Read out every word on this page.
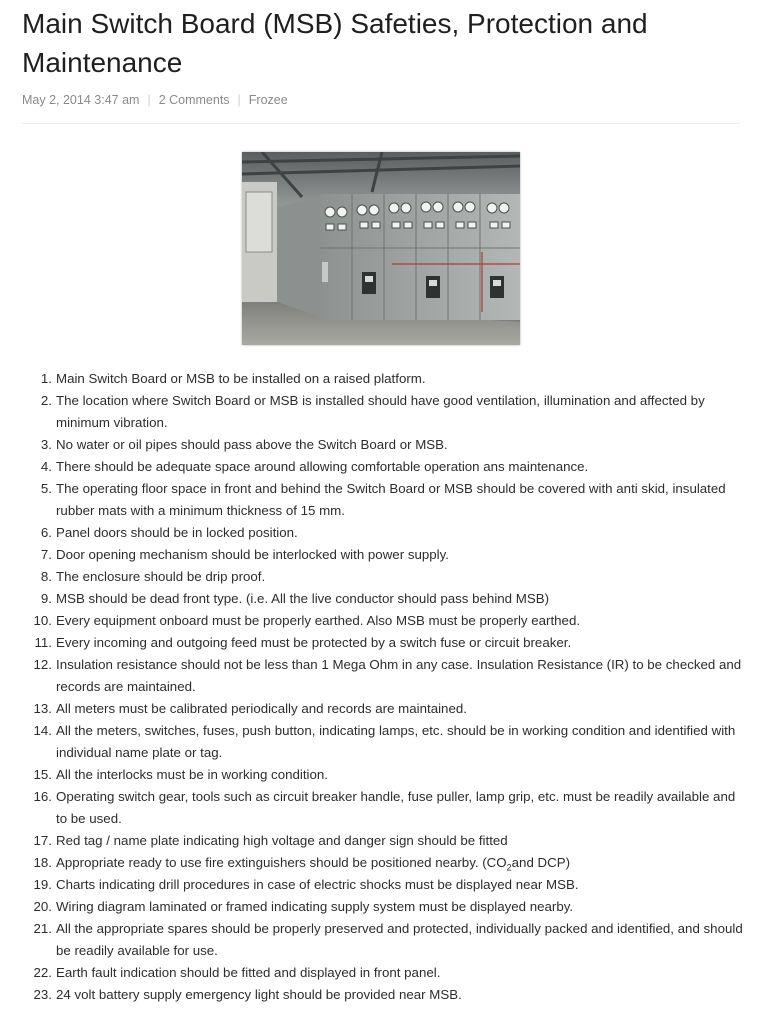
Main Switch Board (MSB) Safeties, Protection and Maintenance
May 2, 2014 3:47 am | 2 Comments | Frozee
1. Main Switch Board or MSB to be installed on a raised platform.
2. The location where Switch Board or MSB is installed should have good ventilation, illumination and affected by minimum vibration.
3. No water or oil pipes should pass above the Switch Board or MSB.
4. There should be adequate space around allowing comfortable operation ans maintenance.
5. The operating floor space in front and behind the Switch Board or MSB should be covered with anti skid, insulated rubber mats with a minimum thickness of 15 mm.
6. Panel doors should be in locked position.
7. Door opening mechanism should be interlocked with power supply.
8. The enclosure should be drip proof.
9. MSB should be dead front type. (i.e. All the live conductor should pass behind MSB)
10. Every equipment onboard must be properly earthed. Also MSB must be properly earthed.
11. Every incoming and outgoing feed must be protected by a switch fuse or circuit breaker.
12. Insulation resistance should not be less than 1 Mega Ohm in any case. Insulation Resistance (IR) to be checked and records are maintained.
13. All meters must be calibrated periodically and records are maintained.
14. All the meters, switches, fuses, push button, indicating lamps, etc. should be in working condition and identified with individual name plate or tag.
15. All the interlocks must be in working condition.
16. Operating switch gear, tools such as circuit breaker handle, fuse puller, lamp grip, etc. must be readily available and to be used.
17. Red tag / name plate indicating high voltage and danger sign should be fitted
18. Appropriate ready to use fire extinguishers should be positioned nearby. ($CO_2and$ DCP)
19. Charts indicating drill procedures in case of electric shocks must be displayed near MSB.
20. Wiring diagram laminated or framed indicating supply system must be displayed nearby.
21. All the appropriate spares should be properly preserved and protected, individually packed and identified, and should be readily available for use.
22. Earth fault indication should be fitted and displayed in front panel.
23. 24 volt battery supply emergency light should be provided near MSB.
